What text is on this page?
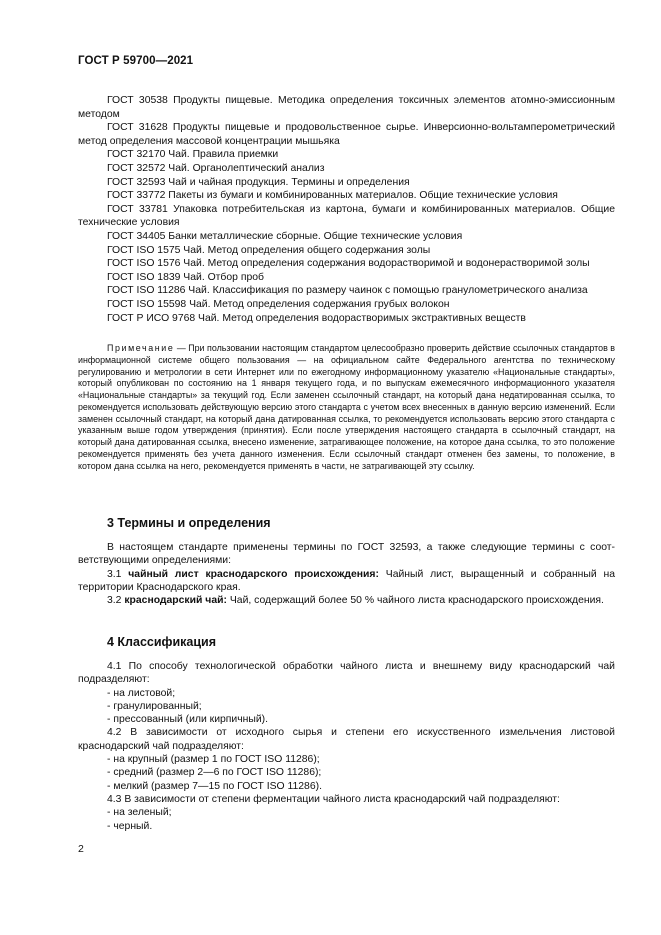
ГОСТ Р 59700—2021

ГОСТ 30538 Продукты пищевые. Методика определения токсичных элементов атомно-эмиссионным методом

ГОСТ 31628 Продукты пищевые и продовольственное сырье. Инверсионно-вольтамперометрический метод определения массовой концентрации мышьяка

ГОСТ 32170 Чай. Правила приемки

ГОСТ 32572 Чай. Органолептический анализ

ГОСТ 32593 Чай и чайная продукция. Термины и определения

ГОСТ 33772 Пакеты из бумаги и комбинированных материалов. Общие технические условия

ГОСТ 33781 Упаковка потребительская из картона, бумаги и комбинированных материалов. Общие технические условия

ГОСТ 34405 Банки металлические сборные. Общие технические условия

ГОСТ ISO 1575 Чай. Метод определения общего содержания золы

ГОСТ ISO 1576 Чай. Метод определения содержания водорастворимой и водонерастворимой золы

ГОСТ ISO 1839 Чай. Отбор проб

ГОСТ ISO 11286 Чай. Классификация по размеру чаинок с помощью гранулометрического анализа

ГОСТ ISO 15598 Чай. Метод определения содержания грубых волокон

ГОСТ Р ИСО 9768 Чай. Метод определения водорастворимых экстрактивных веществ

Примечание — При пользовании настоящим стандартом целесообразно проверить действие ссылочных стандартов в информационной системе общего пользования — на официальном сайте Федерального агентства по техническому регулированию и метрологии в сети Интернет или по ежегодному информационному указателю «Национальные стандарты», который опубликован по состоянию на 1 января текущего года, и по выпускам ежемесячного информационного указателя «Национальные стандарты» за текущий год. Если заменен ссылочный стандарт, на который дана недатированная ссылка, то рекомендуется использовать действующую версию этого стандарта с учетом всех внесенных в данную версию изменений. Если заменен ссылочный стандарт, на который дана датированная ссылка, то рекомендуется использовать версию этого стандарта с указанным выше годом утверждения (принятия). Если после утверждения настоящего стандарта в ссылочный стандарт, на который дана датированная ссылка, внесено изменение, затрагивающее положение, на которое дана ссылка, то это положение рекомендуется применять без учета данного изменения. Если ссылочный стандарт отменен без замены, то положение, в котором дана ссылка на него, рекомендуется применять в части, не затрагивающей эту ссылку.

3 Термины и определения

В настоящем стандарте применены термины по ГОСТ 32593, а также следующие термины с соответствующими определениями:

3.1 чайный лист краснодарского происхождения: Чайный лист, выращенный и собранный на территории Краснодарского края.

3.2 краснодарский чай: Чай, содержащий более 50 % чайного листа краснодарского происхождения.

4 Классификация

4.1 По способу технологической обработки чайного листа и внешнему виду краснодарский чай подразделяют:

- на листовой;

- гранулированный;

- прессованный (или кирпичный).

4.2 В зависимости от исходного сырья и степени его искусственного измельчения листовой краснодарский чай подразделяют:

- на крупный (размер 1 по ГОСТ ISO 11286);

- средний (размер 2—6 по ГОСТ ISO 11286);

- мелкий (размер 7—15 по ГОСТ ISO 11286).

4.3 В зависимости от степени ферментации чайного листа краснодарский чай подразделяют:

- на зеленый;

- черный.

2
